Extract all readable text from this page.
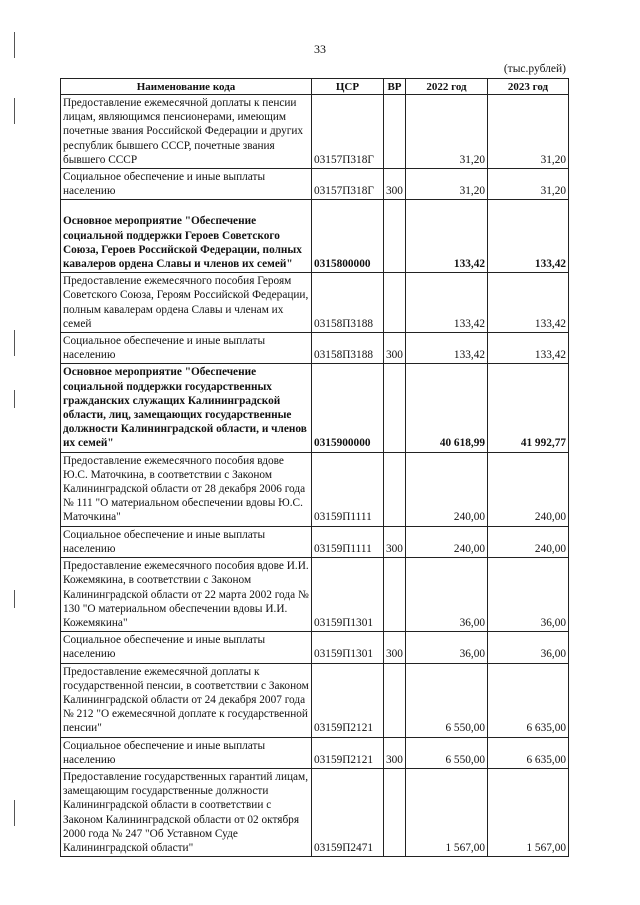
33
(тыс.рублей)
Наименование кода	ЦСР	ВР	2022 год	2023 год
Предоставление ежемесячной доплаты к пенсии лицам, являющимся пенсионерами, имеющим почетные звания Российской Федерации и других республик бывшего СССР, почетные звания бывшего СССР	03157П318Г		31,20	31,20
Социальное обеспечение и иные выплаты населению	03157П318Г	300	31,20	31,20
Основное мероприятие "Обеспечение социальной поддержки Героев Советского Союза, Героев Российской Федерации, полных кавалеров ордена Славы и членов их семей"	0315800000		133,42	133,42
Предоставление ежемесячного пособия Героям Советского Союза, Героям Российской Федерации, полным кавалерам ордена Славы и членам их семей	03158П3188		133,42	133,42
Социальное обеспечение и иные выплаты населению	03158П3188	300	133,42	133,42
Основное мероприятие "Обеспечение социальной поддержки государственных гражданских служащих Калининградской области, лиц, замещающих государственные должности Калининградской области, и членов их семей"	0315900000		40 618,99	41 992,77
Предоставление ежемесячного пособия вдове Ю.С. Маточкина, в соответствии с Законом Калининградской области от 28 декабря 2006 года № 111 "О материальном обеспечении вдовы Ю.С. Маточкина"	03159П1111		240,00	240,00
Социальное обеспечение и иные выплаты населению	03159П1111	300	240,00	240,00
Предоставление ежемесячного пособия вдове И.И. Кожемякина, в соответствии с Законом Калининградской области от 22 марта 2002 года № 130 "О материальном обеспечении вдовы И.И. Кожемякина"	03159П1301		36,00	36,00
Социальное обеспечение и иные выплаты населению	03159П1301	300	36,00	36,00
Предоставление ежемесячной доплаты к государственной пенсии, в соответствии с Законом Калининградской области от 24 декабря 2007 года № 212 "О ежемесячной доплате к государственной пенсии"	03159П2121		6 550,00	6 635,00
Социальное обеспечение и иные выплаты населению	03159П2121	300	6 550,00	6 635,00
Предоставление государственных гарантий лицам, замещающим государственные должности Калининградской области в соответствии с Законом Калининградской области от 02 октября 2000 года № 247 "Об Уставном Суде Калининградской области"	03159П2471		1 567,00	1 567,00
